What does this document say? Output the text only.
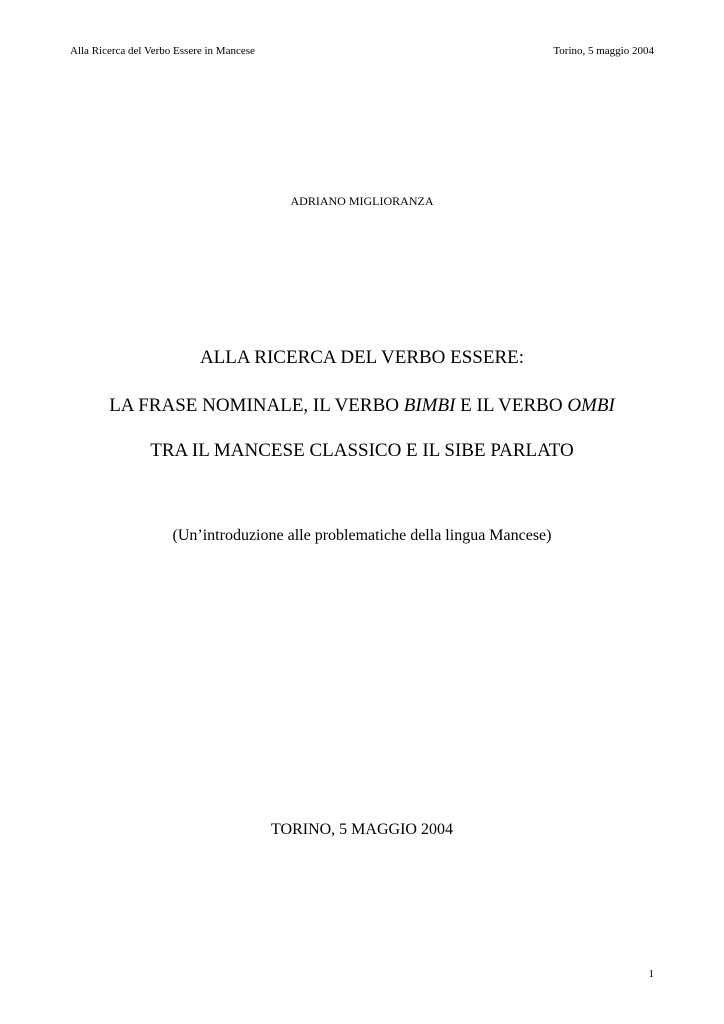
Alla Ricerca del Verbo Essere in Mancese	Torino, 5 maggio 2004
ADRIANO MIGLIORANZA
ALLA RICERCA DEL VERBO ESSERE:
LA FRASE NOMINALE, IL VERBO BIMBI E IL VERBO OMBI
TRA IL MANCESE CLASSICO E IL SIBE PARLATO
(Un’introduzione alle problematiche della lingua Mancese)
TORINO, 5 MAGGIO 2004
1
